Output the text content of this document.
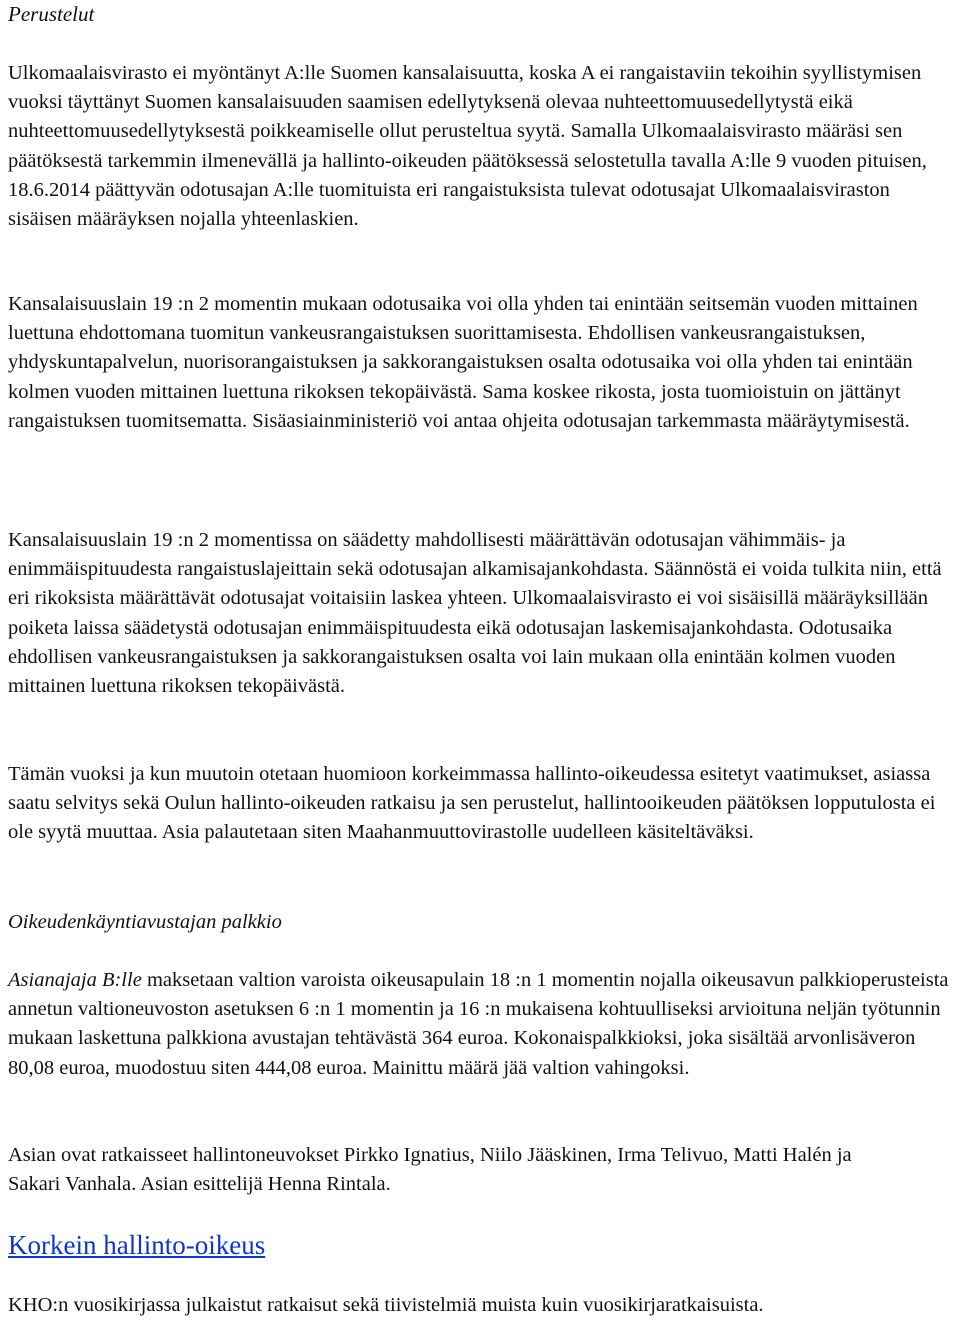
Perustelut

Ulkomaalaisvirasto ei myöntänyt A:lle Suomen kansalaisuutta, koska A ei rangaistaviin tekoihin syyllistymisen vuoksi täyttänyt Suomen kansalaisuuden saamisen edellytyksenä olevaa nuhteettomuusedellytystä eikä nuhteettomuusedellytyksestä poikkeamiselle ollut perusteltua syytä. Samalla Ulkomaalaisvirasto määräsi sen päätöksestä tarkemmin ilmenevällä ja hallinto-oikeuden päätöksessä selostetulla tavalla A:lle 9 vuoden pituisen, 18.6.2014 päättyvän odotusajan A:lle tuomituista eri rangaistuksista tulevat odotusajat Ulkomaalaisviraston sisäisen määräyksen nojalla yhteenlaskien.

Kansalaisuuslain 19 :n 2 momentin mukaan odotusaika voi olla yhden tai enintään seitsemän vuoden mittainen luettuna ehdottomana tuomitun vankeusrangaistuksen suorittamisesta. Ehdollisen vankeusrangaistuksen, yhdyskuntapalvelun, nuorisorangaistuksen ja sakkorangaistuksen osalta odotusaika voi olla yhden tai enintään kolmen vuoden mittainen luettuna rikoksen tekopäivästä. Sama koskee rikosta, josta tuomioistuin on jättänyt rangaistuksen tuomitsematta. Sisäasiainministeriö voi antaa ohjeita odotusajan tarkemmasta määräytymisestä.

Kansalaisuuslain 19 :n 2 momentissa on säädetty mahdollisesti määrättävän odotusajan vähimmäis- ja enimmäispituudesta rangaistuslajeittain sekä odotusajan alkamisajankohdasta. Säännöstä ei voida tulkita niin, että eri rikoksista määrättävät odotusajat voitaisiin laskea yhteen. Ulkomaalaisvirasto ei voi sisäisillä määräyksillään poiketa laissa säädetystä odotusajan enimmäispituudesta eikä odotusajan laskemisajankohdasta. Odotusaika ehdollisen vankeusrangaistuksen ja sakkorangaistuksen osalta voi lain mukaan olla enintään kolmen vuoden mittainen luettuna rikoksen tekopäivästä.

Tämän vuoksi ja kun muutoin otetaan huomioon korkeimmassa hallinto-oikeudessa esitetyt vaatimukset, asiassa saatu selvitys sekä Oulun hallinto-oikeuden ratkaisu ja sen perustelut, hallintooikeuden päätöksen lopputulosta ei ole syytä muuttaa. Asia palautetaan siten Maahanmuuttovirastolle uudelleen käsiteltäväksi.

Oikeudenkäyntiavustajan palkkio

Asianajaja B:lle maksetaan valtion varoista oikeusapulain 18 :n 1 momentin nojalla oikeusavun palkkioperusteista annetun valtioneuvoston asetuksen 6 :n 1 momentin ja 16 :n mukaisena kohtuulliseksi arvioituna neljän työtunnin mukaan laskettuna palkkiona avustajan tehtävästä 364 euroa. Kokonaispalkkioksi, joka sisältää arvonlisäveron 80,08 euroa, muodostuu siten 444,08 euroa. Mainittu määrä jää valtion vahingoksi.

Asian ovat ratkaisseet hallintoneuvokset Pirkko Ignatius, Niilo Jääskinen, Irma Telivuo, Matti Halén ja Sakari Vanhala. Asian esittelijä Henna Rintala.

Korkein hallinto-oikeus

KHO:n vuosikirjassa julkaistut ratkaisut sekä tiivistelmiä muista kuin vuosikirjaratkaisuista.
